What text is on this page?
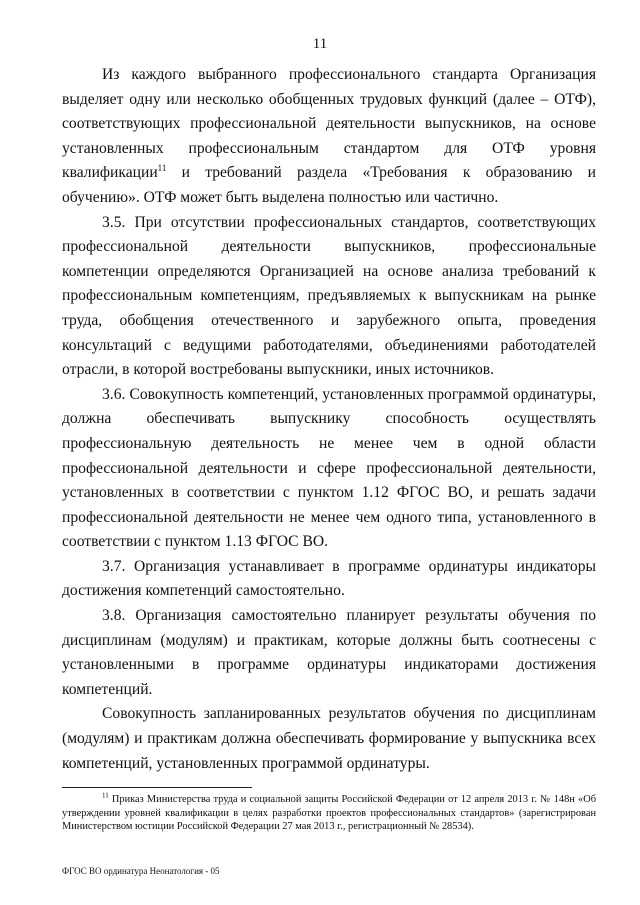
11

Из каждого выбранного профессионального стандарта Организация выделяет одну или несколько обобщенных трудовых функций (далее – ОТФ), соответствующих профессиональной деятельности выпускников, на основе установленных профессиональным стандартом для ОТФ уровня квалификации$^{11}$ и требований раздела «Требования к образованию и обучению». ОТФ может быть выделена полностью или частично.

3.5. При отсутствии профессиональных стандартов, соответствующих профессиональной деятельности выпускников, профессиональные компетенции определяются Организацией на основе анализа требований к профессиональным компетенциям, предъявляемых к выпускникам на рынке труда, обобщения отечественного и зарубежного опыта, проведения консультаций с ведущими работодателями, объединениями работодателей отрасли, в которой востребованы выпускники, иных источников.

3.6. Совокупность компетенций, установленных программой ординатуры, должна обеспечивать выпускнику способность осуществлять профессиональную деятельность не менее чем в одной области профессиональной деятельности и сфере профессиональной деятельности, установленных в соответствии с пунктом 1.12 ФГОС ВО, и решать задачи профессиональной деятельности не менее чем одного типа, установленного в соответствии с пунктом 1.13 ФГОС ВО.

3.7. Организация устанавливает в программе ординатуры индикаторы достижения компетенций самостоятельно.

3.8. Организация самостоятельно планирует результаты обучения по дисциплинам (модулям) и практикам, которые должны быть соотнесены с установленными в программе ординатуры индикаторами достижения компетенций.

Совокупность запланированных результатов обучения по дисциплинам (модулям) и практикам должна обеспечивать формирование у выпускника всех компетенций, установленных программой ординатуры.

$^{11}$ Приказ Министерства труда и социальной защиты Российской Федерации от 12 апреля 2013 г. № 148н «Об утверждении уровней квалификации в целях разработки проектов профессиональных стандартов» (зарегистрирован Министерством юстиции Российской Федерации 27 мая 2013 г., регистрационный № 28534).

ФГОС ВО ординатура Неонатология - 05
